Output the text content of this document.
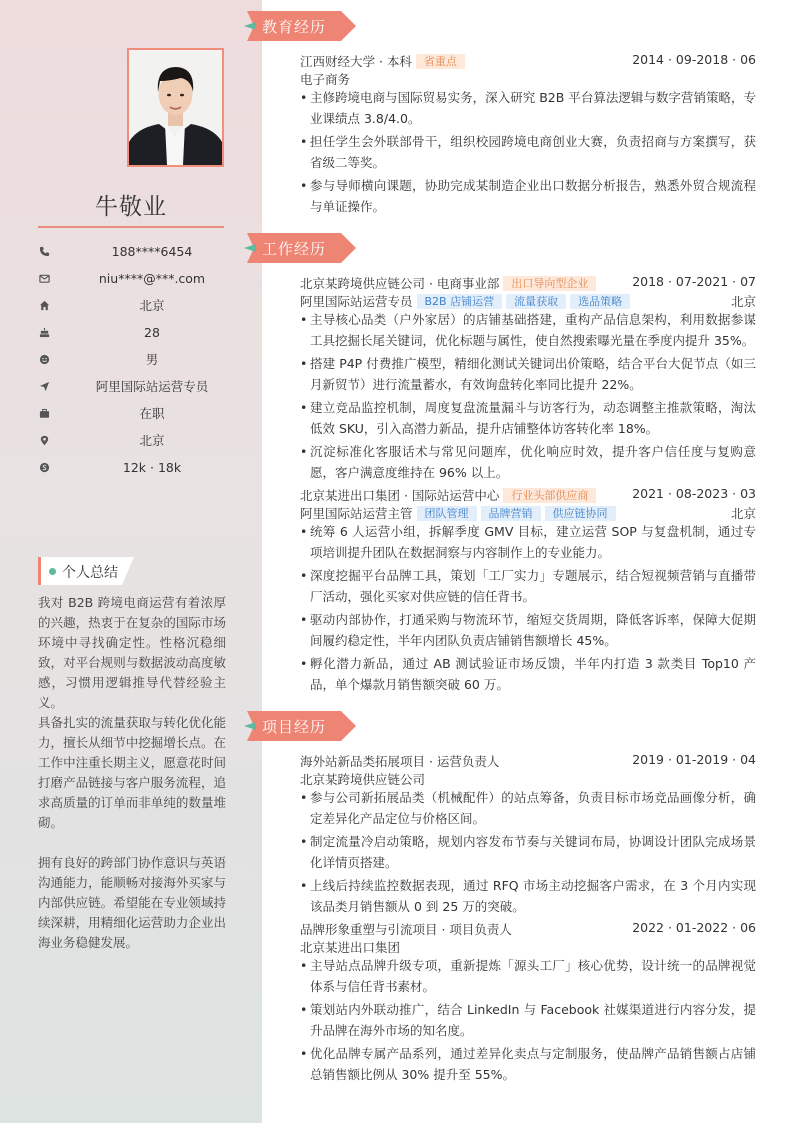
牛敬业
188****6454
niu****@***.com
北京
28
男
阿里国际站运营专员
在职
北京
12k · 18k
个人总结

我对 B2B 跨境电商运营有着浓厚的兴趣，热衷于在复杂的国际市场环境中寻找确定性。性格沉稳细致，对平台规则与数据波动高度敏感，习惯用逻辑推导代替经验主义。

具备扎实的流量获取与转化优化能力，擅长从细节中挖掘增长点。在工作中注重长期主义，愿意花时间打磨产品链接与客户服务流程，追求高质量的订单而非单纯的数量堆砌。

拥有良好的跨部门协作意识与英语沟通能力，能顺畅对接海外买家与内部供应链。希望能在专业领域持续深耕，用精细化运营助力企业出海业务稳健发展。

教育经历
江西财经大学 · 本科 省重点	2014 · 09-2018 · 06
电子商务
• 主修跨境电商与国际贸易实务，深入研究 B2B 平台算法逻辑与数字营销策略，专业课绩点 3.8/4.0。
• 担任学生会外联部骨干，组织校园跨境电商创业大赛，负责招商与方案撰写，获省级二等奖。
• 参与导师横向课题，协助完成某制造企业出口数据分析报告，熟悉外贸合规流程与单证操作。
工作经历
北京某跨境供应链公司 · 电商事业部 出口导向型企业	2018 · 07-2021 · 07
阿里国际站运营专员 B2B 店铺运营 流量获取 选品策略	北京
• 主导核心品类（户外家居）的店铺基础搭建，重构产品信息架构，利用数据参谋工具挖掘长尾关键词，优化标题与属性，使自然搜索曝光量在季度内提升 35%。
• 搭建 P4P 付费推广模型，精细化测试关键词出价策略，结合平台大促节点（如三月新贸节）进行流量蓄水，有效询盘转化率同比提升 22%。
• 建立竞品监控机制，周度复盘流量漏斗与访客行为，动态调整主推款策略，淘汰低效 SKU，引入高潜力新品，提升店铺整体访客转化率 18%。
• 沉淀标准化客服话术与常见问题库，优化响应时效，提升客户信任度与复购意愿，客户满意度维持在 96% 以上。
北京某进出口集团 · 国际站运营中心 行业头部供应商	2021 · 08-2023 · 03
阿里国际站运营主管 团队管理 品牌营销 供应链协同	北京
• 统筹 6 人运营小组，拆解季度 GMV 目标，建立运营 SOP 与复盘机制，通过专项培训提升团队在数据洞察与内容制作上的专业能力。
• 深度挖掘平台品牌工具，策划「工厂实力」专题展示，结合短视频营销与直播带厂活动，强化买家对供应链的信任背书。
• 驱动内部协作，打通采购与物流环节，缩短交货周期，降低客诉率，保障大促期间履约稳定性，半年内团队负责店铺销售额增长 45%。
• 孵化潜力新品，通过 AB 测试验证市场反馈，半年内打造 3 款类目 Top10 产品，单个爆款月销售额突破 60 万。
项目经历
海外站新品类拓展项目 · 运营负责人	2019 · 01-2019 · 04
北京某跨境供应链公司
• 参与公司新拓展品类（机械配件）的站点筹备，负责目标市场竞品画像分析，确定差异化产品定位与价格区间。
• 制定流量冷启动策略，规划内容发布节奏与关键词布局，协调设计团队完成场景化详情页搭建。
• 上线后持续监控数据表现，通过 RFQ 市场主动挖掘客户需求，在 3 个月内实现该品类月销售额从 0 到 25 万的突破。
品牌形象重塑与引流项目 · 项目负责人	2022 · 01-2022 · 06
北京某进出口集团
• 主导站点品牌升级专项，重新提炼「源头工厂」核心优势，设计统一的品牌视觉体系与信任背书素材。
• 策划站内外联动推广，结合 LinkedIn 与 Facebook 社媒渠道进行内容分发，提升品牌在海外市场的知名度。
• 优化品牌专属产品系列，通过差异化卖点与定制服务，使品牌产品销售额占店铺总销售额比例从 30% 提升至 55%。
